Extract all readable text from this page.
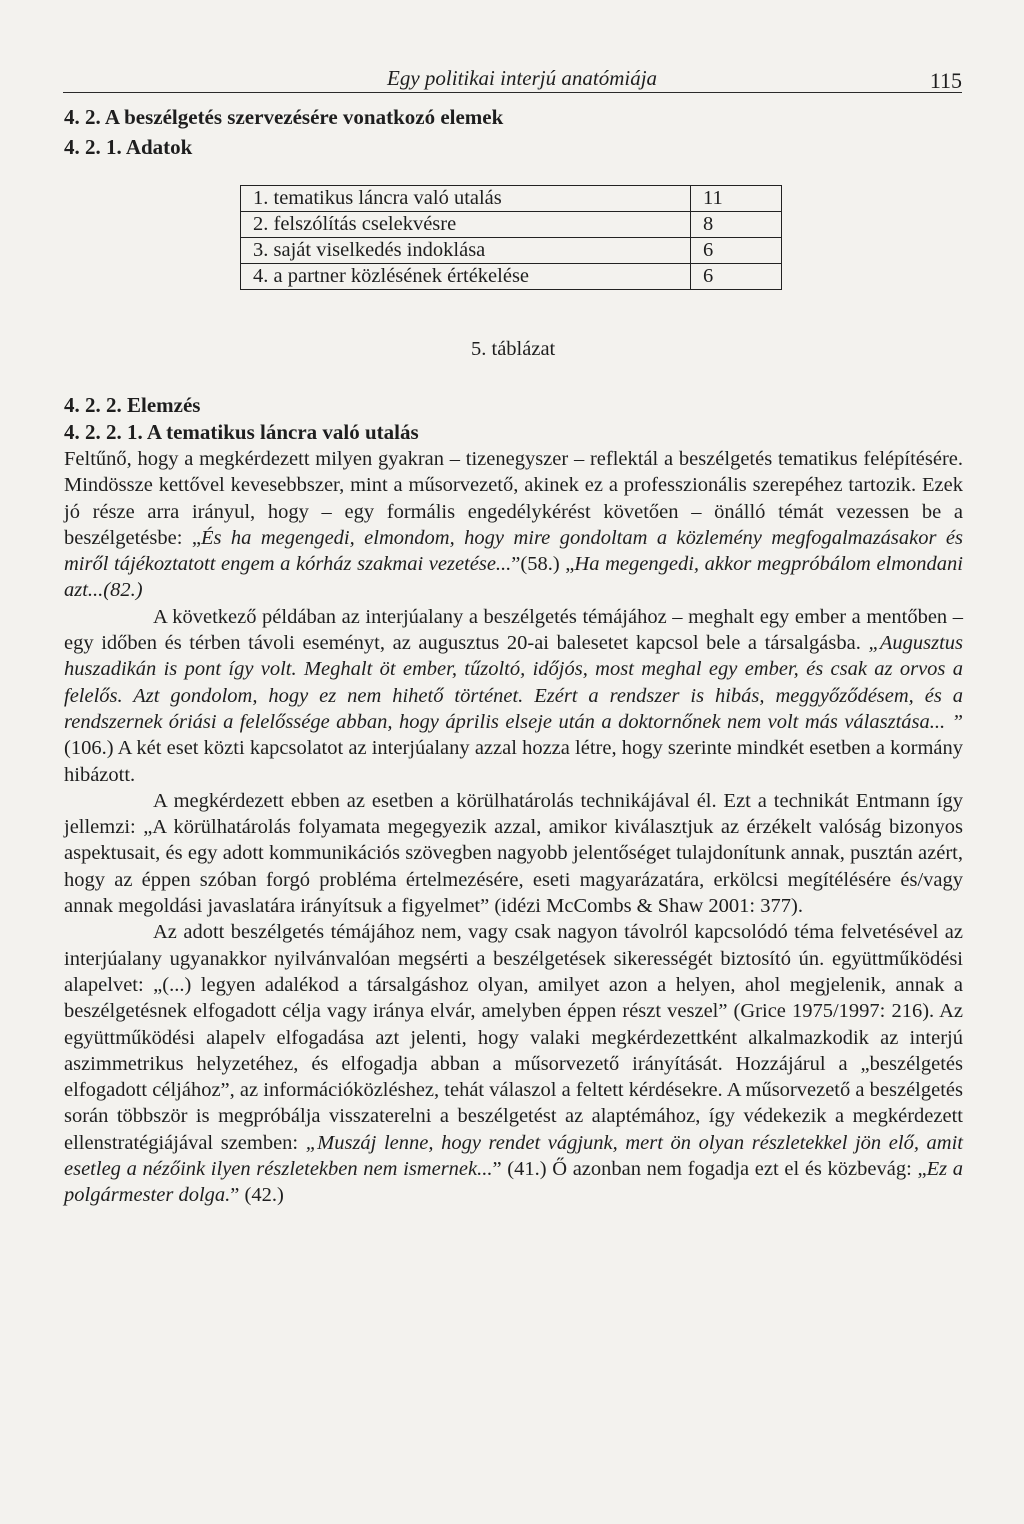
Egy politikai interjú anatómiája	115
4. 2. A beszélgetés szervezésére vonatkozó elemek
4. 2. 1. Adatok
1. tematikus láncra való utalás	11
2. felszólítás cselekvésre	8
3. saját viselkedés indoklása	6
4. a partner közlésének értékelése	6
5. táblázat
4. 2. 2. Elemzés
4. 2. 2. 1. A tematikus láncra való utalás

Feltűnő, hogy a megkérdezett milyen gyakran – tizenegyszer – reflektál a beszélgetés tematikus felépítésére. Mindössze kettővel kevesebbszer, mint a műsorvezető, akinek ez a professzionális szerepéhez tartozik. Ezek jó része arra irányul, hogy – egy formális engedélykérést követően – önálló témát vezessen be a beszélgetésbe: „És ha megengedi, elmondom, hogy mire gondoltam a közlemény megfogalmazásakor és miről tájékoztatott engem a kórház szakmai vezetése...”(58.) „Ha megengedi, akkor megpróbálom elmondani azt...(82.)

A következő példában az interjúalany a beszélgetés témájához – meghalt egy ember a mentőben – egy időben és térben távoli eseményt, az augusztus 20-ai balesetet kapcsol bele a társalgásba. „Augusztus huszadikán is pont így volt. Meghalt öt ember, tűzoltó, időjós, most meghal egy ember, és csak az orvos a felelős. Azt gondolom, hogy ez nem hihető történet. Ezért a rendszer is hibás, meggyőződésem, és a rendszernek óriási a felelőssége abban, hogy április elseje után a doktornőnek nem volt más választása... ” (106.) A két eset közti kapcsolatot az interjúalany azzal hozza létre, hogy szerinte mindkét esetben a kormány hibázott.

A megkérdezett ebben az esetben a körülhatárolás technikájával él. Ezt a technikát Entmann így jellemzi: „A körülhatárolás folyamata megegyezik azzal, amikor kiválasztjuk az érzékelt valóság bizonyos aspektusait, és egy adott kommunikációs szövegben nagyobb jelentőséget tulajdonítunk annak, pusztán azért, hogy az éppen szóban forgó probléma értelmezésére, eseti magyarázatára, erkölcsi megítélésére és/vagy annak megoldási javaslatára irányítsuk a figyelmet” (idézi McCombs & Shaw 2001: 377).

Az adott beszélgetés témájához nem, vagy csak nagyon távolról kapcsolódó téma felvetésével az interjúalany ugyanakkor nyilvánvalóan megsérti a beszélgetések sikerességét biztosító ún. együttműködési alapelvet: „(...) legyen adalékod a társalgáshoz olyan, amilyet azon a helyen, ahol megjelenik, annak a beszélgetésnek elfogadott célja vagy iránya elvár, amelyben éppen részt veszel” (Grice 1975/1997: 216). Az együttműködési alapelv elfogadása azt jelenti, hogy valaki megkérdezettként alkalmazkodik az interjú aszimmetrikus helyzetéhez, és elfogadja abban a műsorvezető irányítását. Hozzájárul a „beszélgetés elfogadott céljához”, az információközléshez, tehát válaszol a feltett kérdésekre. A műsorvezető a beszélgetés során többször is megpróbálja visszaterelni a beszélgetést az alaptémához, így védekezik a megkérdezett ellenstratégiájával szemben: „Muszáj lenne, hogy rendet vágjunk, mert ön olyan részletekkel jön elő, amit esetleg a nézőink ilyen részletekben nem ismernek...” (41.) Ő azonban nem fogadja ezt el és közbevág: „Ez a polgármester dolga.” (42.)
